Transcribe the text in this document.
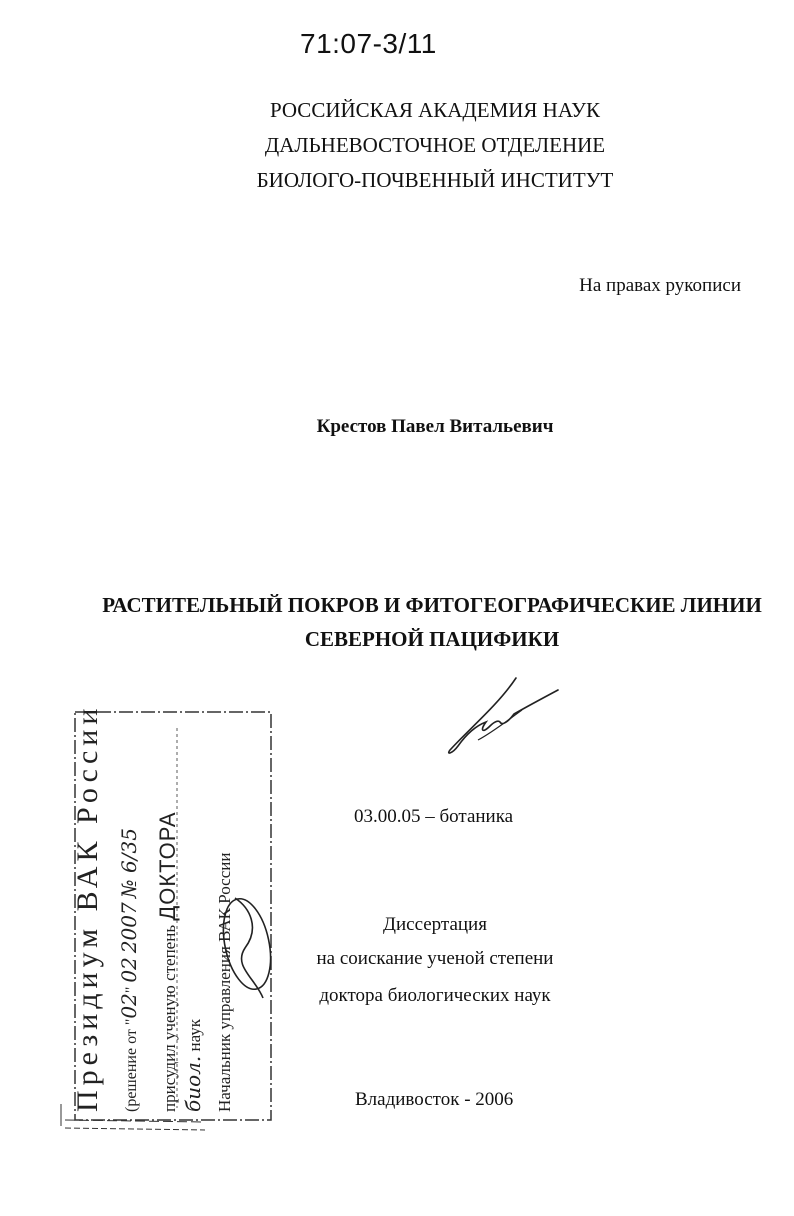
71:07-3/11
РОССИЙСКАЯ АКАДЕМИЯ НАУК
ДАЛЬНЕВОСТОЧНОЕ ОТДЕЛЕНИЕ
БИОЛОГО-ПОЧВЕННЫЙ ИНСТИТУТ
На правах рукописи
Крестов Павел Витальевич
РАСТИТЕЛЬНЫЙ ПОКРОВ И ФИТОГЕОГРАФИЧЕСКИЕ ЛИНИИ
СЕВЕРНОЙ ПАЦИФИКИ
03.00.05 – ботаника
Диссертация
на соискание ученой степени
доктора биологических наук
Владивосток - 2006
Президиум ВАК России	(решение от "02" 02 2007 № 6/35
присудил ученую степень ДОКТОРА
биол. наук Начальник управления ВАК России
